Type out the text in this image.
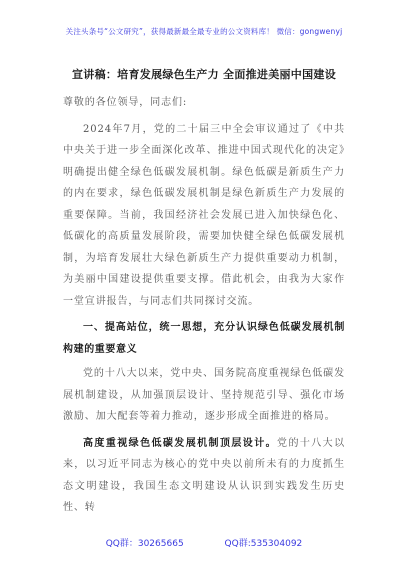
关注头条号“公文研究”，获得最新最全最专业的公文资料库！ 微信：gongwenyj
宣讲稿：培育发展绿色生产力 全面推进美丽中国建设

尊敬的各位领导，同志们:

2024年7月，党的二十届三中全会审议通过了《中共中央关于进一步全面深化改革、推进中国式现代化的决定》明确提出健全绿色低碳发展机制。绿色低碳是新质生产力的内在要求，绿色低碳发展机制是绿色新质生产力发展的重要保障。当前，我国经济社会发展已进入加快绿色化、低碳化的高质量发展阶段，需要加快健全绿色低碳发展机制，为培育发展壮大绿色新质生产力提供重要动力机制，为美丽中国建设提供重要支撑。借此机会，由我为大家作一堂宣讲报告，与同志们共同探讨交流。

一、提高站位，统一思想，充分认识绿色低碳发展机制构建的重要意义

党的十八大以来，党中央、国务院高度重视绿色低碳发展机制建设，从加强顶层设计、坚持规范引导、强化市场激励、加大配套等着力推动，逐步形成全面推进的格局。

高度重视绿色低碳发展机制顶层设计。党的十八大以来，以习近平同志为核心的党中央以前所未有的力度抓生态文明建设，我国生态文明建设从认识到实践发生历史性、转

QQ群：30265665	QQ群:535304092
